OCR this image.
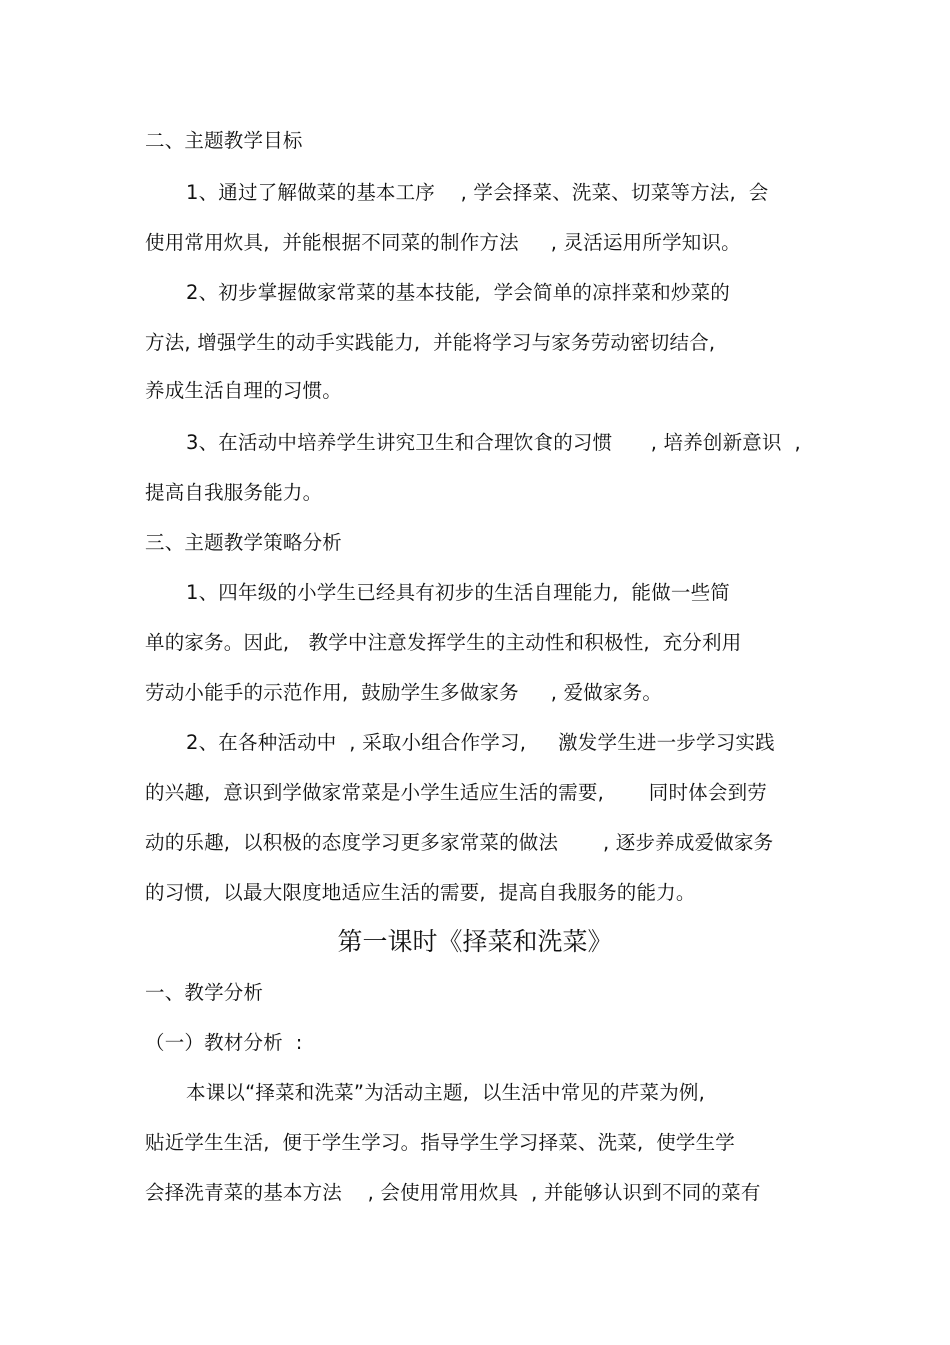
二、主题教学目标
1、通过了解做菜的基本工序    , 学会择菜、洗菜、切菜等方法,  会
使用常用炊具,  并能根据不同菜的制作方法     , 灵活运用所学知识。
2、初步掌握做家常菜的基本技能,  学会简单的凉拌菜和炒菜的
方法, 增强学生的动手实践能力,  并能将学习与家务劳动密切结合,
养成生活自理的习惯。
3、在活动中培养学生讲究卫生和合理饮食的习惯      , 培养创新意识  ,
提高自我服务能力。
三、主题教学策略分析
1、四年级的小学生已经具有初步的生活自理能力,  能做一些简
单的家务。因此,   教学中注意发挥学生的主动性和积极性,  充分利用
劳动小能手的示范作用,  鼓励学生多做家务     , 爱做家务。
2、在各种活动中  , 采取小组合作学习,     激发学生进一步学习实践
的兴趣,  意识到学做家常菜是小学生适应生活的需要,       同时体会到劳
动的乐趣,  以积极的态度学习更多家常菜的做法       , 逐步养成爱做家务
的习惯,  以最大限度地适应生活的需要,  提高自我服务的能力。
第一课时《择菜和洗菜》
一、教学分析
（一）教材分析  :
本课以“择菜和洗菜”为活动主题,  以生活中常见的芹菜为例,
贴近学生生活,  便于学生学习。指导学生学习择菜、洗菜,  使学生学
会择洗青菜的基本方法    , 会使用常用炊具  , 并能够认识到不同的菜有
